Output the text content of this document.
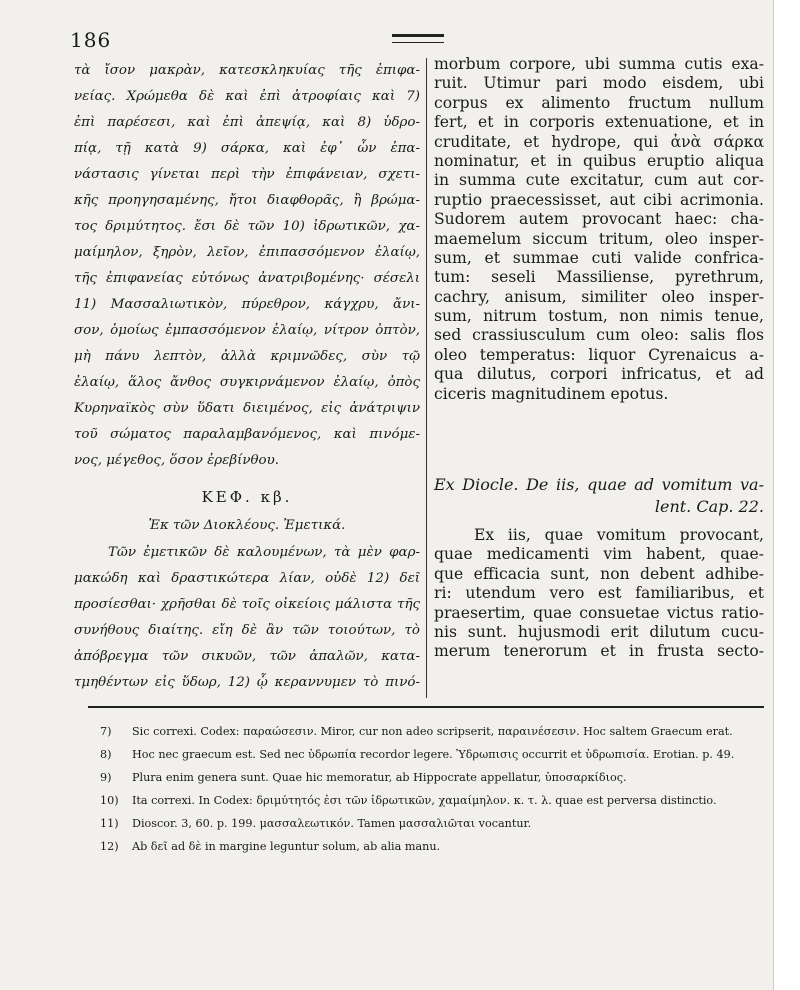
186
τὰ ἴσον μακρὰν, κατεσκληκυίας τῆς ἐπιφα-
νείας. Χρώμεθα δὲ καὶ ἐπὶ ἀτροφίαις καὶ 7)
ἐπὶ παρέσεσι, καὶ ἐπὶ ἀπεψίᾳ, καὶ 8) ὑδρο-
πίᾳ, τῇ κατὰ 9) σάρκα, καὶ ἐφ᾽ ὧν ἐπα-
νάστασις γίνεται περὶ τὴν ἐπιφάνειαν, σχετι-
κῆς προηγησαμένης, ἤτοι διαφθορᾶς, ἢ βρώμα-
τος δριμύτητος. ἔσι δὲ τῶν 10) ἰδρωτικῶν, χα-
μαίμηλον, ξηρὸν, λεῖον, ἐπιπασσόμενον ἐλαίῳ,
τῆς ἐπιφανείας εὐτόνως ἀνατριβομένης· σέσελι
11) Μασσαλιωτικὸν, πύρεθρον, κάγχρυ, ἄνι-
σον, ὁμοίως ἐμπασσόμενον ἐλαίῳ, νίτρον ὀπτὸν,
μὴ πάνυ λεπτὸν, ἀλλὰ κριμνῶδες, σὺν τῷ
ἐλαίῳ, ἅλος ἄνθος συγκιρνάμενον ἐλαίῳ, ὀπὸς
Κυρηναϊκὸς σὺν ὕδατι διειμένος, εἰς ἀνάτριψιν
τοῦ σώματος παραλαμβανόμενος, καὶ πινόμε-
νος, μέγεθος, ὅσον ἐρεβίνθου.
ΚΕΦ. κβ.
Ἐκ τῶν Διοκλέους. Ἐμετικά.
Τῶν ἐμετικῶν δὲ καλουμένων, τὰ μὲν φαρ-
μακώδη καὶ δραστικώτερα λίαν, οὐδὲ 12) δεῖ
προσίεσθαι· χρῆσθαι δὲ τοῖς οἰκείοις μάλιστα τῆς
συνήθους διαίτης. εἴη δὲ ἂν τῶν τοιούτων, τὸ
ἀπόβρεγμα τῶν σικυῶν, τῶν ἁπαλῶν, κατα-
τμηθέντων εἰς ὕδωρ, 12) ᾧ κεραννυμεν τὸ πινό-
morbum corpore, ubi summa cutis exa-
ruit. Utimur pari modo eisdem, ubi
corpus ex alimento fructum nullum
fert, et in corporis extenuatione, et in
cruditate, et hydrope, qui ἀνὰ σάρκα
nominatur, et in quibus eruptio aliqua
in summa cute excitatur, cum aut cor-
ruptio praecessisset, aut cibi acrimonia.
Sudorem autem provocant haec: cha-
maemelum siccum tritum, oleo insper-
sum, et summae cuti valide confrica-
tum: seseli Massiliense, pyrethrum,
cachry, anisum, similiter oleo insper-
sum, nitrum tostum, non nimis tenue,
sed crassiusculum cum oleo: salis flos
oleo temperatus: liquor Cyrenaicus a-
qua dilutus, corpori infricatus, et ad
ciceris magnitudinem epotus.
Ex Diocle. De iis, quae ad vomitum va-
lent. Cap. 22.
Ex iis, quae vomitum provocant,
quae medicamenti vim habent, quae-
que efficacia sunt, non debent adhibe-
ri: utendum vero est familiaribus, et
praesertim, quae consuetae victus ratio-
nis sunt. hujusmodi erit dilutum cucu-
merum tenerorum et in frusta secto-
7)	Sic correxi. Codex: παραώσεσιν. Miror, cur non adeo scripserit, παραινέσεσιν. Hoc saltem Graecum erat.
8)	Hoc nec graecum est. Sed nec ὑδρωπία recordor legere. Ὑδρωπισις occurrit et ὑδρωπισία. Erotian. p. 49.
9)	Plura enim genera sunt. Quae hic memoratur, ab Hippocrate appellatur, ὑποσαρκίδιος.
10)	Ita correxi. In Codex: δριμύτητός ἐσι τῶν ἰδρωτικῶν, χαμαίμηλον. κ. τ. λ. quae est perversa distinctio.
11)	Dioscor. 3, 60. p. 199. μασσαλεωτικόν. Tamen μασσαλιῶται vocantur.
12)	Ab δεῖ ad δὲ in margine leguntur solum, ab alia manu.
